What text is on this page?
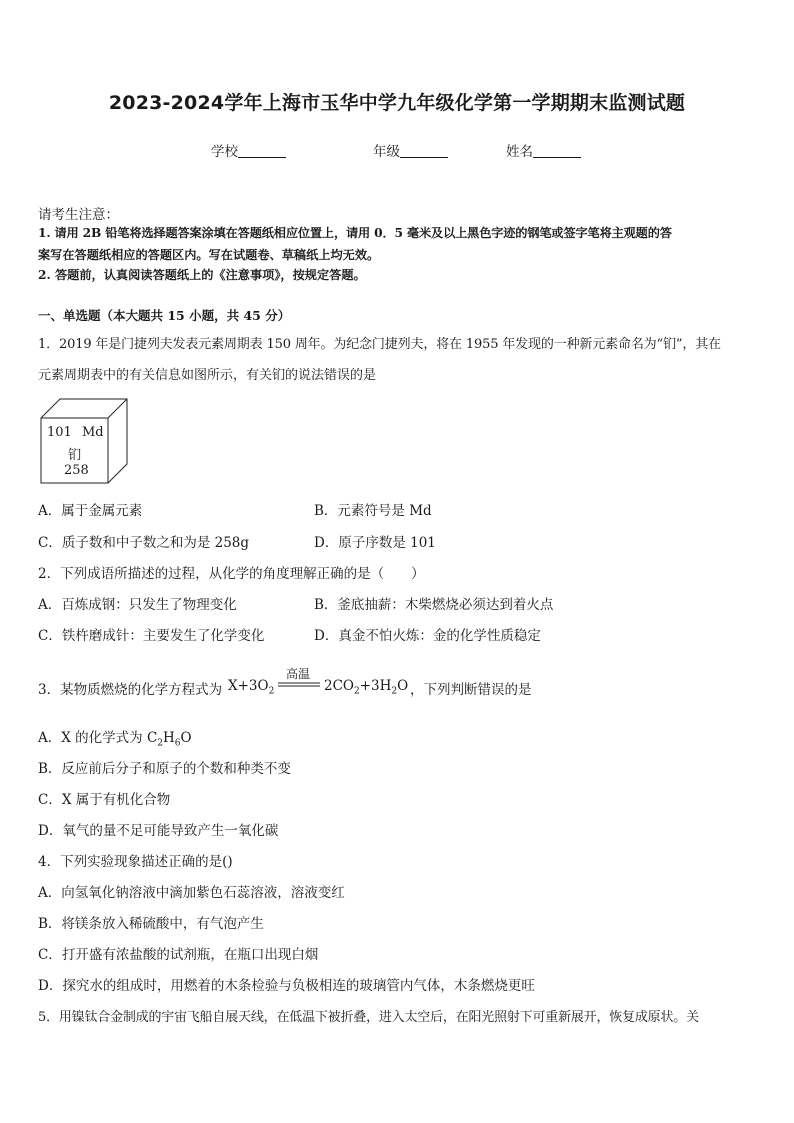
2023-2024学年上海市玉华中学九年级化学第一学期期末监测试题
学校	年级	姓名
请考生注意：
1. 请用 2B 铅笔将选择题答案涂填在答题纸相应位置上，请用 0．5 毫米及以上黑色字迹的钢笔或签字笔将主观题的答
案写在答题纸相应的答题区内。写在试题卷、草稿纸上均无效。
2. 答题前，认真阅读答题纸上的《注意事项》，按规定答题。
一、单选题（本大题共 15 小题，共 45 分）
1．2019 年是门捷列夫发表元素周期表 150 周年。为纪念门捷列夫，将在 1955 年发现的一种新元素命名为“钔”，其在
元素周期表中的有关信息如图所示，有关钔的说法错误的是
101 Md
钔
258
A．属于金属元素	B．元素符号是 Md
C．质子数和中子数之和为是 258g	D．原子序数是 101
2．下列成语所描述的过程，从化学的角度理解正确的是（　　）
A．百炼成钢：只发生了物理变化	B．釜底抽薪：木柴燃烧必须达到着火点
C．铁杵磨成针：主要发生了化学变化	D．真金不怕火炼：金的化学性质稳定
3．某物质燃烧的化学方程式为 $X+3O_2$
高温
$2CO_2+3H_2O$ ，下列判断错误的是
A．X 的化学式为 $C_2H_6O$
B．反应前后分子和原子的个数和种类不变
C．X 属于有机化合物
D．氧气的量不足可能导致产生一氧化碳
4．下列实验现象描述正确的是()
A．向氢氧化钠溶液中滴加紫色石蕊溶液，溶液变红
B．将镁条放入稀硫酸中，有气泡产生
C．打开盛有浓盐酸的试剂瓶，在瓶口出现白烟
D．探究水的组成时，用燃着的木条检验与负极相连的玻璃管内气体，木条燃烧更旺
5．用镍钛合金制成的宇宙飞船自展天线，在低温下被折叠，进入太空后，在阳光照射下可重新展开，恢复成原状。关
